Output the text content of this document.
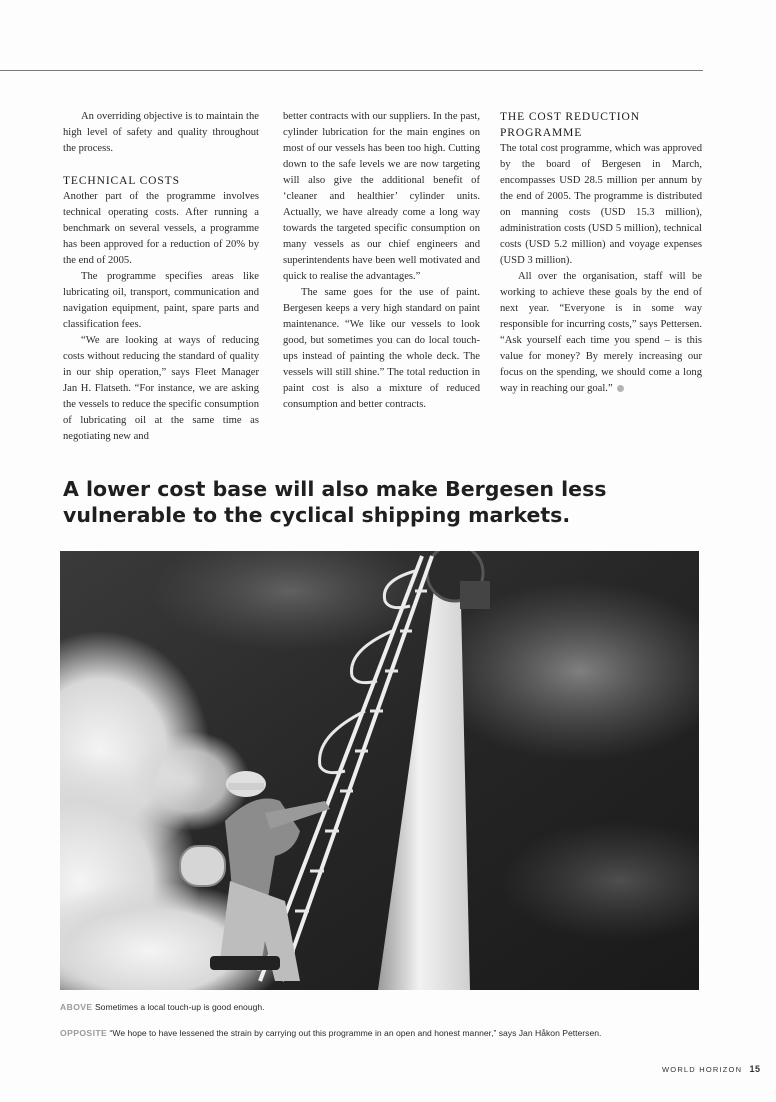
An overriding objective is to maintain the high level of safety and quality throughout the process.

TECHNICAL COSTS

Another part of the programme involves technical operating costs. After running a benchmark on several vessels, a programme has been approved for a reduction of 20% by the end of 2005.

The programme specifies areas like lubricating oil, transport, communication and navigation equipment, paint, spare parts and classification fees.

“We are looking at ways of reducing costs without reducing the standard of quality in our ship operation,” says Fleet Manager Jan H. Flatseth. “For instance, we are asking the vessels to reduce the specific consumption of lubricating oil at the same time as negotiating new and

better contracts with our suppliers. In the past, cylinder lubrication for the main engines on most of our vessels has been too high. Cutting down to the safe levels we are now targeting will also give the additional benefit of ‘cleaner and healthier’ cylinder units. Actually, we have already come a long way towards the targeted specific consumption on many vessels as our chief engineers and superintendents have been well motivated and quick to realise the advantages.”

The same goes for the use of paint. Bergesen keeps a very high standard on paint maintenance. “We like our vessels to look good, but sometimes you can do local touch-ups instead of painting the whole deck. The vessels will still shine.” The total reduction in paint cost is also a mixture of reduced consumption and better contracts.

THE COST REDUCTION PROGRAMME

The total cost programme, which was approved by the board of Bergesen in March, encompasses USD 28.5 million per annum by the end of 2005. The programme is distributed on manning costs (USD 15.3 million), administration costs (USD 5 million), technical costs (USD 5.2 million) and voyage expenses (USD 3 million).

All over the organisation, staff will be working to achieve these goals by the end of next year. “Everyone is in some way responsible for incurring costs,” says Pettersen. “Ask yourself each time you spend – is this value for money? By merely increasing our focus on the spending, we should come a long way in reaching our goal.”

A lower cost base will also make Bergesen less vulnerable to the cyclical shipping markets.
ABOVE Sometimes a local touch-up is good enough.
OPPOSITE “We hope to have lessened the strain by carrying out this programme in an open and honest manner,” says Jan Håkon Pettersen.
WORLD HORIZON 15
